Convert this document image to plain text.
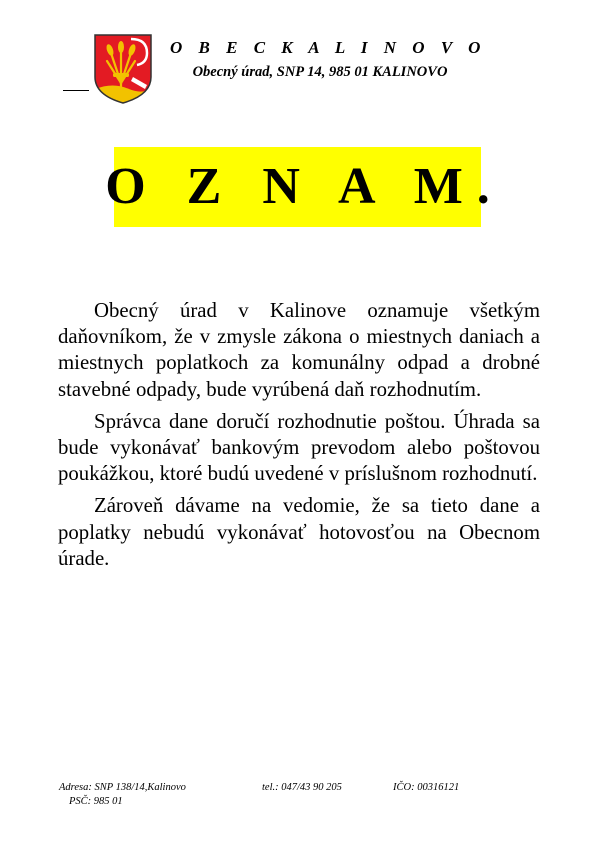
O B E C K A L I N O V O
Obecný úrad, SNP 14, 985 01 KALINOVO
O Z N A M.

Obecný úrad v Kalinove oznamuje všetkým daňovníkom, že v zmysle zákona o miestnych daniach a miestnych poplatkoch za komunálny odpad a drobné stavebné odpady, bude vyrúbená daň rozhodnutím.

Správca dane doručí rozhodnutie poštou. Úhrada sa bude vykonávať bankovým prevodom alebo poštovou poukážkou, ktoré budú uvedené v príslušnom rozhodnutí.

Zároveň dávame na vedomie, že sa tieto dane a poplatky nebudú vykonávať hotovosťou na Obecnom úrade.

Adresa: SNP 138/14,Kalinovo
PSČ: 985 01
tel.: 047/43 90 205	IČO: 00316121
